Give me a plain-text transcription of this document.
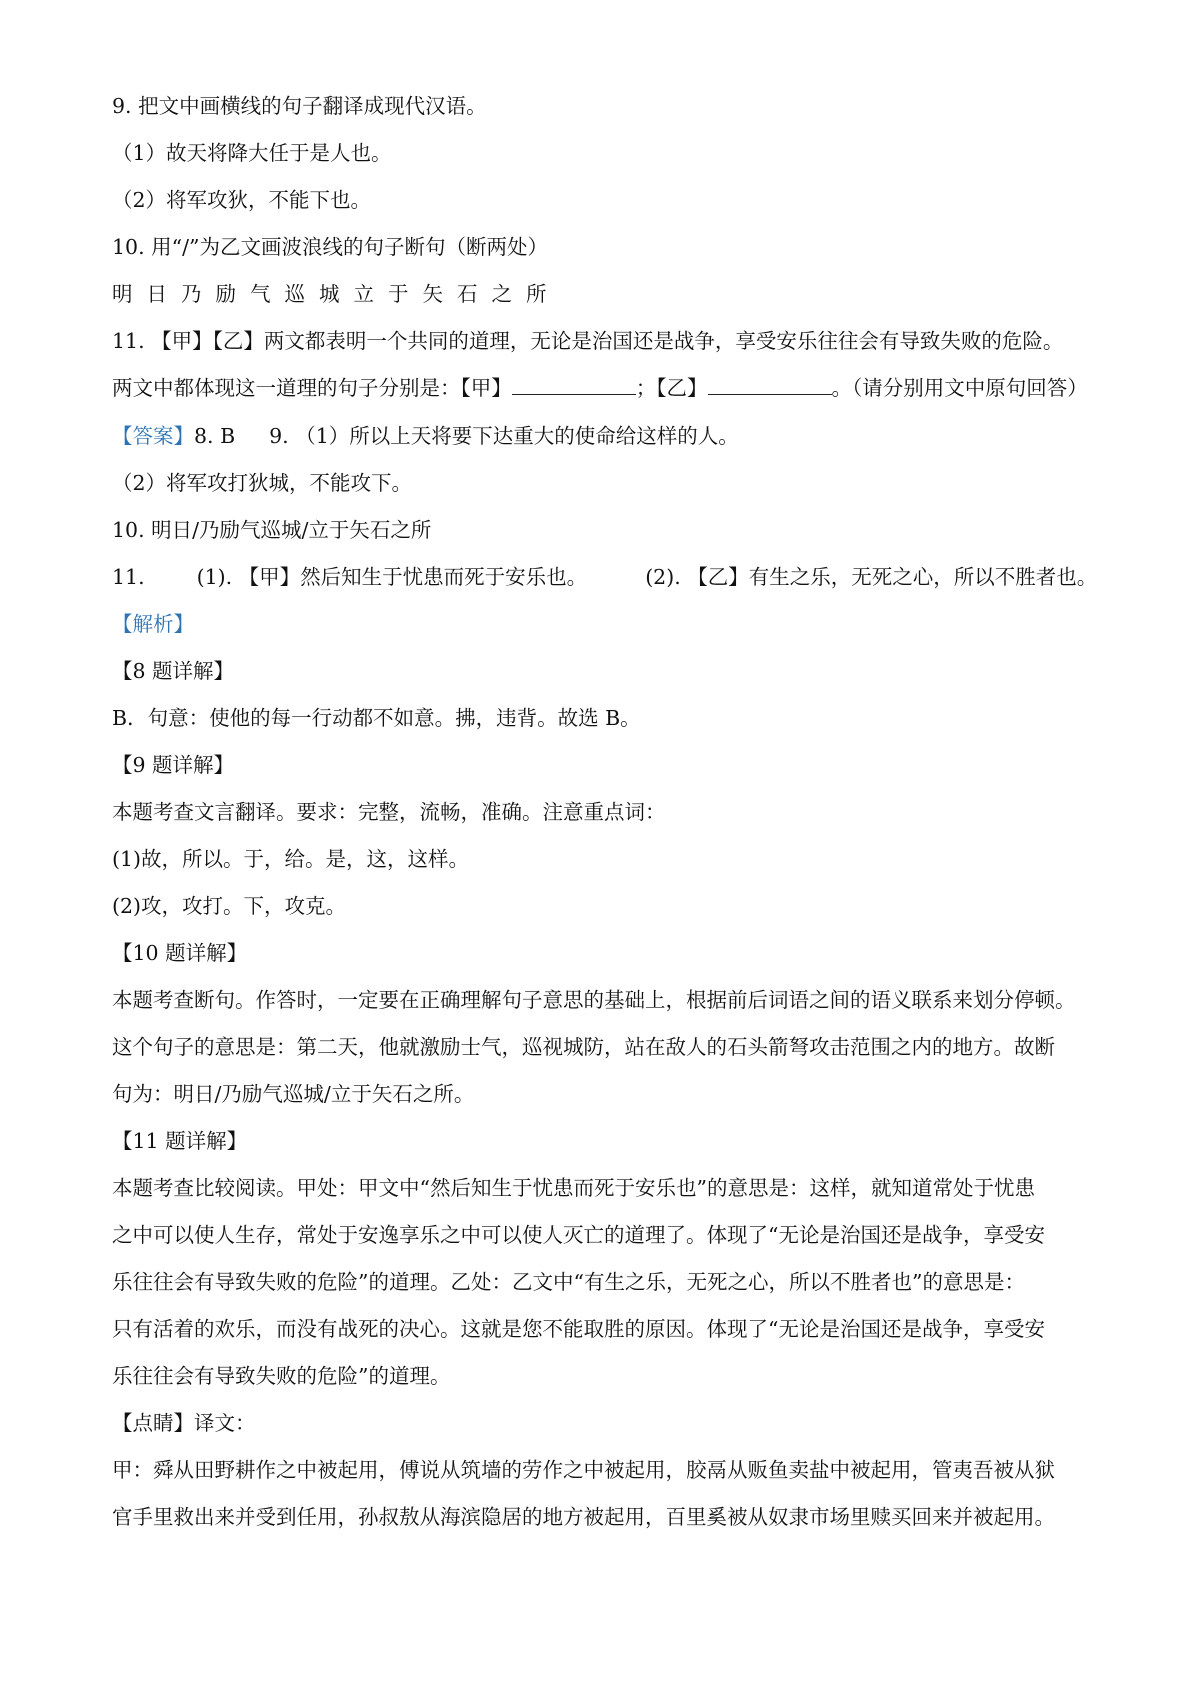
9. 把文中画横线的句子翻译成现代汉语。
（1）故天将降大任于是人也。
（2）将军攻狄，不能下也。
10. 用“/”为乙文画波浪线的句子断句（断两处）
明日乃励气巡城立于矢石之所
11. 【甲】【乙】两文都表明一个共同的道理，无论是治国还是战争，享受安乐往往会有导致失败的危险。
两文中都体现这一道理的句子分别是：【甲】	；【乙】	。（请分别用文中原句回答）
【答案】8. B 9. （1）所以上天将要下达重大的使命给这样的人。
（2）将军攻打狄城，不能攻下。
10. 明日/乃励气巡城/立于矢石之所
11.	(1). 【甲】然后知生于忧患而死于安乐也。	(2). 【乙】有生之乐，无死之心，所以不胜者也。
【解析】
【8 题详解】
B．句意：使他的每一行动都不如意。拂，违背。故选 B。
【9 题详解】
本题考查文言翻译。要求：完整，流畅，准确。注意重点词：
(1)故，所以。于，给。是，这，这样。
(2)攻，攻打。下，攻克。
【10 题详解】
本题考查断句。作答时，一定要在正确理解句子意思的基础上，根据前后词语之间的语义联系来划分停顿。
这个句子的意思是：第二天，他就激励士气，巡视城防，站在敌人的石头箭弩攻击范围之内的地方。故断
句为：明日/乃励气巡城/立于矢石之所。
【11 题详解】
本题考查比较阅读。甲处：甲文中“然后知生于忧患而死于安乐也”的意思是：这样，就知道常处于忧患
之中可以使人生存，常处于安逸享乐之中可以使人灭亡的道理了。体现了“无论是治国还是战争，享受安
乐往往会有导致失败的危险”的道理。乙处：乙文中“有生之乐，无死之心，所以不胜者也”的意思是：
只有活着的欢乐，而没有战死的决心。这就是您不能取胜的原因。体现了“无论是治国还是战争，享受安
乐往往会有导致失败的危险”的道理。
【点睛】译文：
甲：舜从田野耕作之中被起用，傅说从筑墙的劳作之中被起用，胶鬲从贩鱼卖盐中被起用，管夷吾被从狱
官手里救出来并受到任用，孙叔敖从海滨隐居的地方被起用，百里奚被从奴隶市场里赎买回来并被起用。
